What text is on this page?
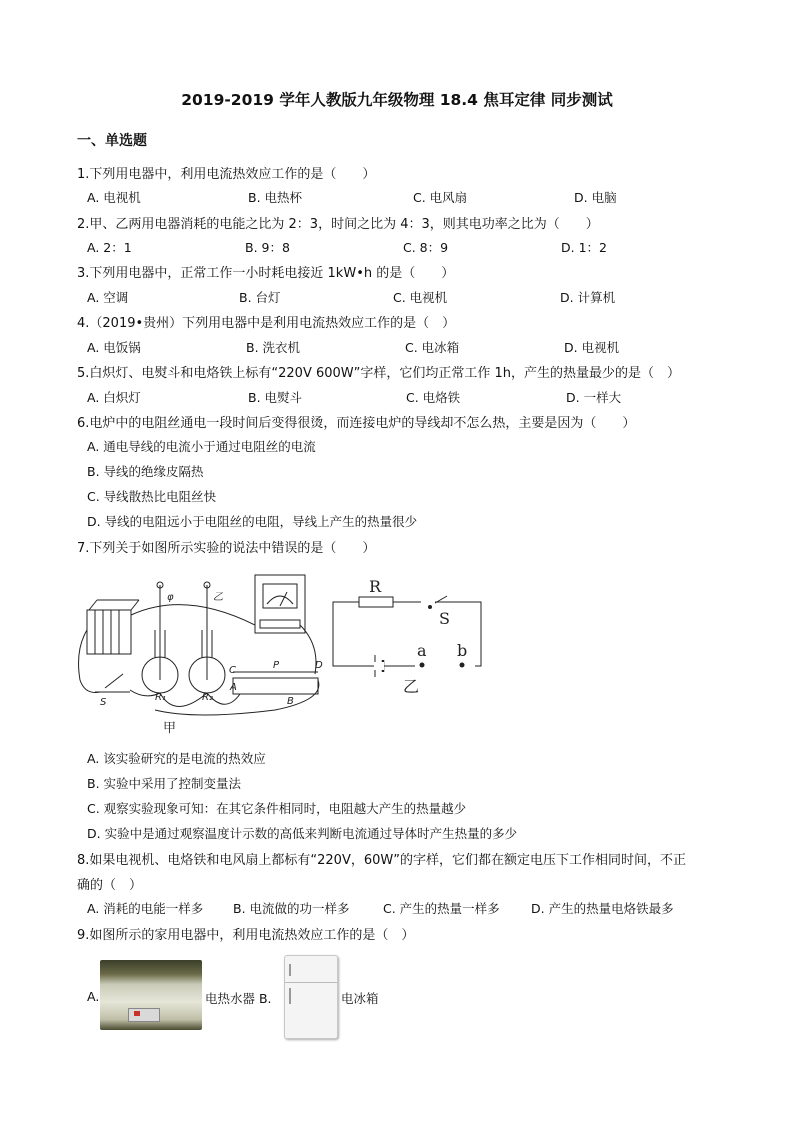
2019-2019 学年人教版九年级物理 18.4 焦耳定律 同步测试
一、单选题
1.下列用电器中，利用电流热效应工作的是（　　）
A. 电视机	B. 电热杯	C. 电风扇	D. 电脑
2.甲、乙两用电器消耗的电能之比为 2：3，时间之比为 4：3，则其电功率之比为（　　）
A. 2：1	B. 9：8	C. 8：9	D. 1：2
3.下列用电器中，正常工作一小时耗电接近 1kW•h 的是（　　）
A. 空调	B. 台灯	C. 电视机	D. 计算机
4.（2019•贵州）下列用电器中是利用电流热效应工作的是（　）
A. 电饭锅	B. 洗衣机	C. 电冰箱	D. 电视机
5.白炽灯、电熨斗和电烙铁上标有“220V 600W”字样，它们均正常工作 1h，产生的热量最少的是（　）
A. 白炽灯	B. 电熨斗	C. 电烙铁	D. 一样大
6.电炉中的电阻丝通电一段时间后变得很烫，而连接电炉的导线却不怎么热，主要是因为（　　）
A. 通电导线的电流小于通过电阻丝的电流
B. 导线的绝缘皮隔热
C. 导线散热比电阻丝快
D. 导线的电阻远小于电阻丝的电阻，导线上产生的热量很少
7.下列关于如图所示实验的说法中错误的是（　　）
R
S
a b
乙
S
C	D
P
A
B
R₁	R₂
φ	乙
甲
A. 该实验研究的是电流的热效应
B. 实验中采用了控制变量法
C. 观察实验现象可知：在其它条件相同时，电阻越大产生的热量越少
D. 实验中是通过观察温度计示数的高低来判断电流通过导体时产生热量的多少
8.如果电视机、电烙铁和电风扇上都标有“220V，60W”的字样，它们都在额定电压下工作相同时间，不正
确的（　）
A. 消耗的电能一样多 B. 电流做的功一样多	C. 产生的热量一样多	D. 产生的热量电烙铁最多
9.如图所示的家用电器中，利用电流热效应工作的是（　）
A.	电热水器 B.	电冰箱
